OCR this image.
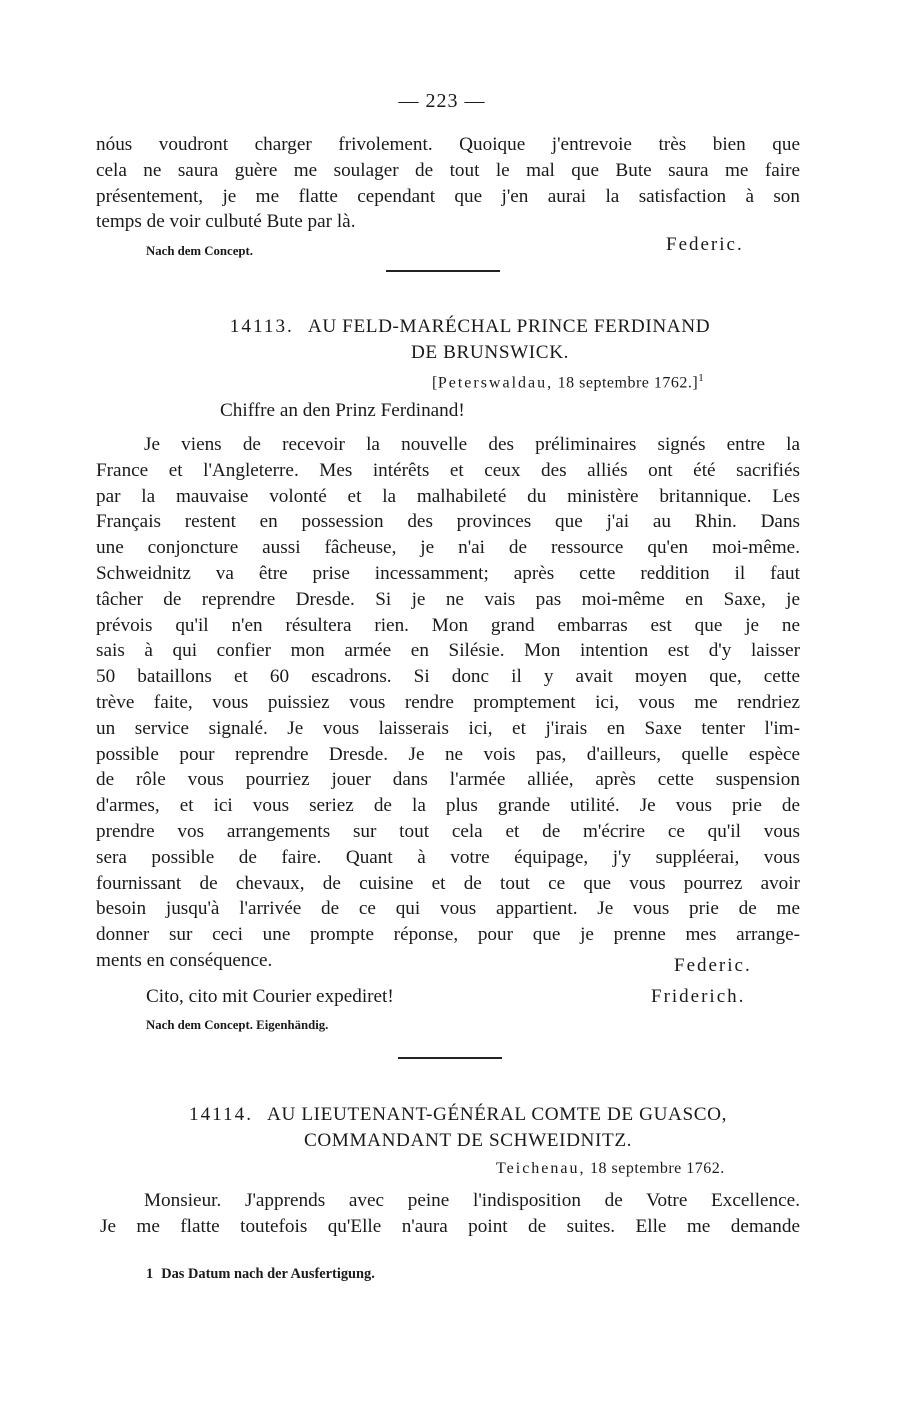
— 223 —

nóus voudront charger frivolement. Quoique j'entrevoie très bien que

cela ne saura guère me soulager de tout le mal que Bute saura me faire

présentement, je me flatte cependant que j'en aurai la satisfaction à son

temps de voir culbuté Bute par là.

Nach dem Concept.	Federic.
14113. AU FELD-MARÉCHAL PRINCE FERDINAND
DE BRUNSWICK.
[Peterswaldau, 18 septembre 1762.]$^1$
Chiffre an den Prinz Ferdinand!

Je viens de recevoir la nouvelle des préliminaires signés entre la

France et l'Angleterre. Mes intérêts et ceux des alliés ont été sacrifiés

par la mauvaise volonté et la malhabileté du ministère britannique. Les

Français restent en possession des provinces que j'ai au Rhin. Dans

une conjoncture aussi fâcheuse, je n'ai de ressource qu'en moi-même.

Schweidnitz va être prise incessamment; après cette reddition il faut

tâcher de reprendre Dresde. Si je ne vais pas moi-même en Saxe, je

prévois qu'il n'en résultera rien. Mon grand embarras est que je ne

sais à qui confier mon armée en Silésie. Mon intention est d'y laisser

50 bataillons et 60 escadrons. Si donc il y avait moyen que, cette

trève faite, vous puissiez vous rendre promptement ici, vous me rendriez

un service signalé. Je vous laisserais ici, et j'irais en Saxe tenter l'im-

possible pour reprendre Dresde. Je ne vois pas, d'ailleurs, quelle espèce

de rôle vous pourriez jouer dans l'armée alliée, après cette suspension

d'armes, et ici vous seriez de la plus grande utilité. Je vous prie de

prendre vos arrangements sur tout cela et de m'écrire ce qu'il vous

sera possible de faire. Quant à votre équipage, j'y suppléerai, vous

fournissant de chevaux, de cuisine et de tout ce que vous pourrez avoir

besoin jusqu'à l'arrivée de ce qui vous appartient. Je vous prie de me

donner sur ceci une prompte réponse, pour que je prenne mes arrange-

ments en conséquence.	Federic.
Cito, cito mit Courier expediret!	Friderich.
Nach dem Concept. Eigenhändig.
14114. AU LIEUTENANT-GÉNÉRAL COMTE DE GUASCO,
COMMANDANT DE SCHWEIDNITZ.
Teichenau, 18 septembre 1762.

Monsieur. J'apprends avec peine l'indisposition de Votre Excellence.

Je me flatte toutefois qu'Elle n'aura point de suites. Elle me demande

1 Das Datum nach der Ausfertigung.
